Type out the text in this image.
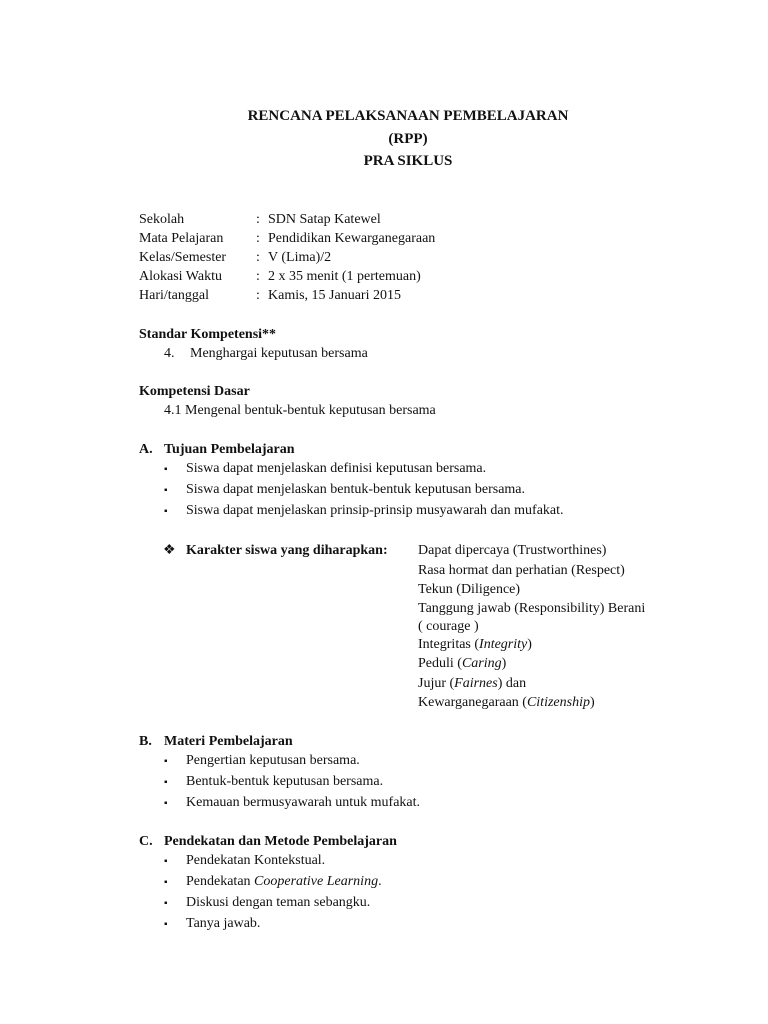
RENCANA PELAKSANAAN PEMBELAJARAN
(RPP)
PRA SIKLUS
Sekolah	: SDN Satap Katewel
Mata Pelajaran : Pendidikan Kewarganegaraan
Kelas/Semester : V (Lima)/2
Alokasi Waktu : 2 x 35 menit (1 pertemuan)
Hari/tanggal	: Kamis, 15 Januari 2015
Standar Kompetensi**
4. Menghargai keputusan bersama
Kompetensi Dasar
4.1 Mengenal bentuk-bentuk keputusan bersama
A. Tujuan Pembelajaran
▪ Siswa dapat menjelaskan definisi keputusan bersama.
▪ Siswa dapat menjelaskan bentuk-bentuk keputusan bersama.
▪ Siswa dapat menjelaskan prinsip-prinsip musyawarah dan mufakat.
❖ Karakter siswa yang diharapkan: Dapat dipercaya (Trustworthines)
Rasa hormat dan perhatian (Respect)
Tekun (Diligence)
Tanggung jawab (Responsibility) Berani
( courage )
Integritas (Integrity)
Peduli (Caring)
Jujur (Fairnes) dan
Kewarganegaraan (Citizenship)
B. Materi Pembelajaran
▪ Pengertian keputusan bersama.
▪ Bentuk-bentuk keputusan bersama.
▪ Kemauan bermusyawarah untuk mufakat.
C. Pendekatan dan Metode Pembelajaran
▪ Pendekatan Kontekstual.
▪ Pendekatan Cooperative Learning.
▪ Diskusi dengan teman sebangku.
▪ Tanya jawab.
